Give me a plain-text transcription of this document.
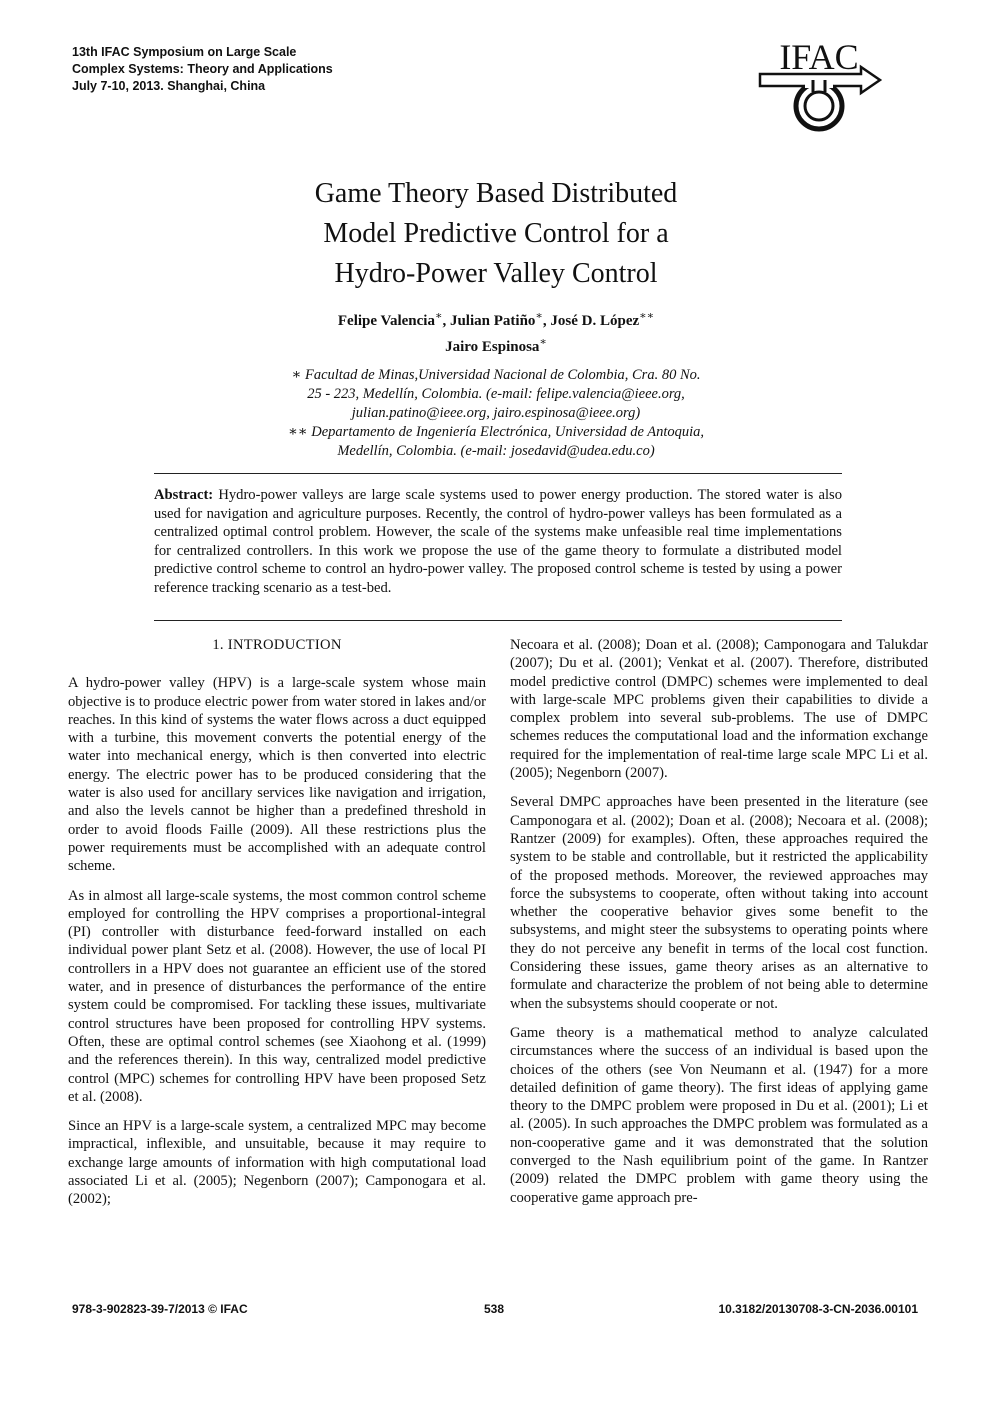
13th IFAC Symposium on Large Scale
Complex Systems: Theory and Applications
July 7-10, 2013. Shanghai, China
IFAC
Game Theory Based Distributed
Model Predictive Control for a
Hydro-Power Valley Control
Felipe Valencia∗, Julian Patiño∗, José D. López∗∗
Jairo Espinosa∗
∗ Facultad de Minas,Universidad Nacional de Colombia, Cra. 80 No.
25 - 223, Medellín, Colombia. (e-mail: felipe.valencia@ieee.org,
julian.patino@ieee.org, jairo.espinosa@ieee.org)
∗∗ Departamento de Ingeniería Electrónica, Universidad de Antoquia,
Medellín, Colombia. (e-mail: josedavid@udea.edu.co)
Abstract: Hydro-power valleys are large scale systems used to power energy production. The stored water is also used for navigation and agriculture purposes. Recently, the control of hydro-power valleys has been formulated as a centralized optimal control problem. However, the scale of the systems make unfeasible real time implementations for centralized controllers. In this work we propose the use of the game theory to formulate a distributed model predictive control scheme to control an hydro-power valley. The proposed control scheme is tested by using a power reference tracking scenario as a test-bed.
1. INTRODUCTION

A hydro-power valley (HPV) is a large-scale system whose main objective is to produce electric power from water stored in lakes and/or reaches. In this kind of systems the water flows across a duct equipped with a turbine, this movement converts the potential energy of the water into mechanical energy, which is then converted into electric energy. The electric power has to be produced considering that the water is also used for ancillary services like navigation and irrigation, and also the levels cannot be higher than a predefined threshold in order to avoid floods Faille (2009). All these restrictions plus the power requirements must be accomplished with an adequate control scheme.

As in almost all large-scale systems, the most common control scheme employed for controlling the HPV comprises a proportional-integral (PI) controller with disturbance feed-forward installed on each individual power plant Setz et al. (2008). However, the use of local PI controllers in a HPV does not guarantee an efficient use of the stored water, and in presence of disturbances the performance of the entire system could be compromised. For tackling these issues, multivariate control structures have been proposed for controlling HPV systems. Often, these are optimal control schemes (see Xiaohong et al. (1999) and the references therein). In this way, centralized model predictive control (MPC) schemes for controlling HPV have been proposed Setz et al. (2008).

Since an HPV is a large-scale system, a centralized MPC may become impractical, inflexible, and unsuitable, because it may require to exchange large amounts of information with high computational load associated Li et al. (2005); Negenborn (2007); Camponogara et al. (2002);

Necoara et al. (2008); Doan et al. (2008); Camponogara and Talukdar (2007); Du et al. (2001); Venkat et al. (2007). Therefore, distributed model predictive control (DMPC) schemes were implemented to deal with large-scale MPC problems given their capabilities to divide a complex problem into several sub-problems. The use of DMPC schemes reduces the computational load and the information exchange required for the implementation of real-time large scale MPC Li et al. (2005); Negenborn (2007).

Several DMPC approaches have been presented in the literature (see Camponogara et al. (2002); Doan et al. (2008); Necoara et al. (2008); Rantzer (2009) for examples). Often, these approaches required the system to be stable and controllable, but it restricted the applicability of the proposed methods. Moreover, the reviewed approaches may force the subsystems to cooperate, often without taking into account whether the cooperative behavior gives some benefit to the subsystems, and might steer the subsystems to operating points where they do not perceive any benefit in terms of the local cost function. Considering these issues, game theory arises as an alternative to formulate and characterize the problem of not being able to determine when the subsystems should cooperate or not.

Game theory is a mathematical method to analyze calculated circumstances where the success of an individual is based upon the choices of the others (see Von Neumann et al. (1947) for a more detailed definition of game theory). The first ideas of applying game theory to the DMPC problem were proposed in Du et al. (2001); Li et al. (2005). In such approaches the DMPC problem was formulated as a non-cooperative game and it was demonstrated that the solution converged to the Nash equilibrium point of the game. In Rantzer (2009) related the DMPC problem with game theory using the cooperative game approach pre-

978-3-902823-39-7/2013 © IFAC	538	10.3182/20130708-3-CN-2036.00101
